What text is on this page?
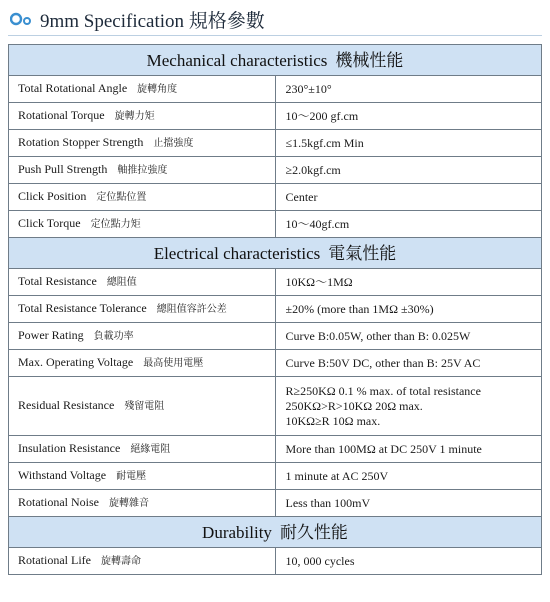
9mm Specification 規格參數
Mechanical characteristics 機械性能	
Total Rotational Angle 旋轉角度	230°±10°
Rotational Torque 旋轉力矩	10～200 gf.cm
Rotation Stopper Strength 止擋強度	≤1.5kgf.cm Min
Push Pull Strength 軸推拉強度	≥2.0kgf.cm
Click Position 定位點位置	Center
Click Torque 定位點力矩	10～40gf.cm
Electrical characteristics 電氣性能	
Total Resistance 總阻值	10KΩ～1MΩ
Total Resistance Tolerance 總阻值容許公差	±20% (more than 1MΩ ±30%)
Power Rating 負載功率	Curve B:0.05W, other than B: 0.025W
Max. Operating Voltage 最高使用電壓	Curve B:50V DC, other than B: 25V AC
Residual Resistance 殘留電阻	R≥250KΩ 0.1 % max. of total resistance
250KΩ>R>10KΩ 20Ω max.
10KΩ≥R 10Ω max.

Insulation Resistance 絕緣電阻	More than 100MΩ at DC 250V 1 minute
Withstand Voltage 耐電壓	1 minute at AC 250V
Rotational Noise 旋轉雜音	Less than 100mV
Durability 耐久性能	
Rotational Life 旋轉壽命	10, 000 cycles
